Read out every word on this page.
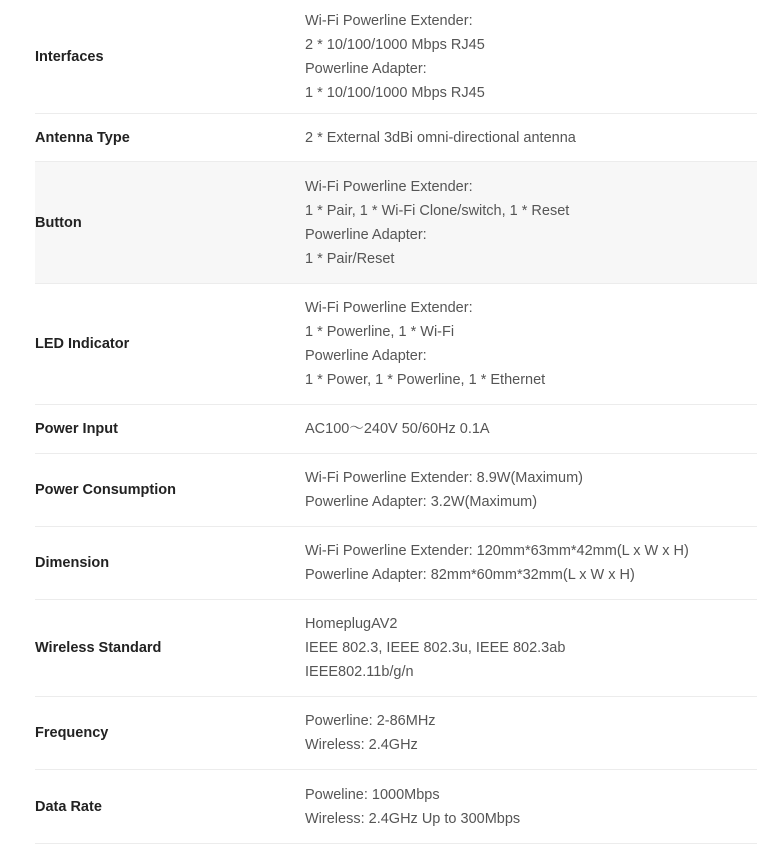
Interfaces
Wi-Fi Powerline Extender:
2 * 10/100/1000 Mbps RJ45
Powerline Adapter:
1 * 10/100/1000 Mbps RJ45
Antenna Type	2 * External 3dBi omni-directional antenna
Button
Wi-Fi Powerline Extender:
1 * Pair, 1 * Wi-Fi Clone/switch, 1 * Reset
Powerline Adapter:
1 * Pair/Reset
LED Indicator
Wi-Fi Powerline Extender:
1 * Powerline, 1 * Wi-Fi
Powerline Adapter:
1 * Power, 1 * Powerline, 1 * Ethernet
Power Input	AC100～240V 50/60Hz 0.1A
Power Consumption
Wi-Fi Powerline Extender: 8.9W(Maximum)
Powerline Adapter: 3.2W(Maximum)
Dimension
Wi-Fi Powerline Extender: 120mm*63mm*42mm(L x W x H)
Powerline Adapter: 82mm*60mm*32mm(L x W x H)
Wireless Standard
HomeplugAV2
IEEE 802.3, IEEE 802.3u, IEEE 802.3ab
IEEE802.11b/g/n
Frequency
Powerline: 2-86MHz
Wireless: 2.4GHz
Data Rate
Poweline: 1000Mbps
Wireless: 2.4GHz Up to 300Mbps
